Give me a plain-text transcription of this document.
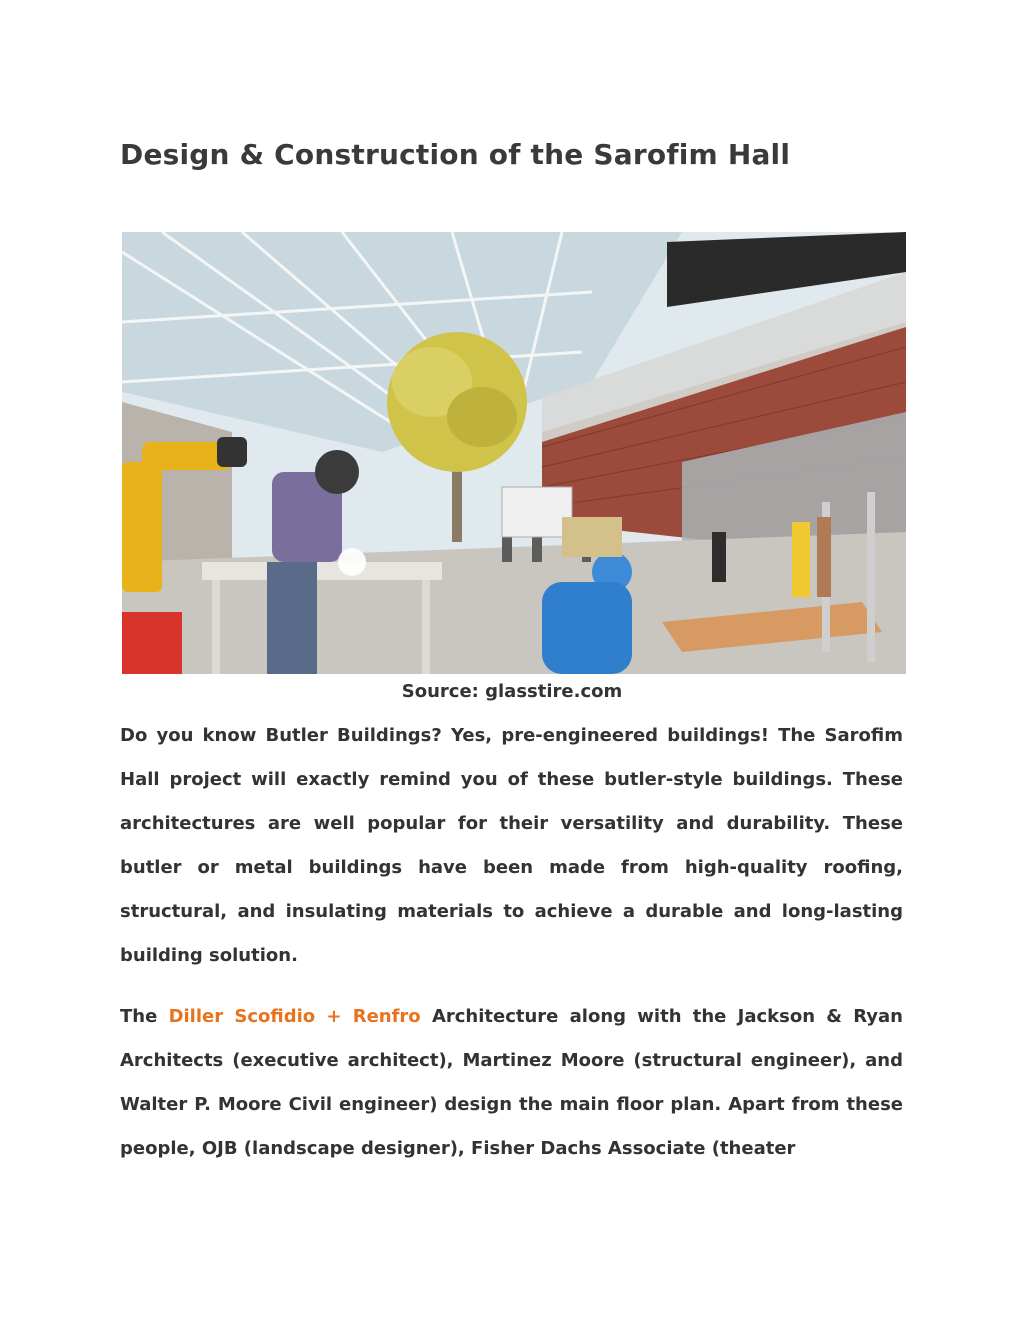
Design & Construction of the Sarofim Hall
Source: glasstire.com

Do you know Butler Buildings? Yes, pre-engineered buildings! The Sarofim Hall project will exactly remind you of these butler-style buildings. These architectures are well popular for their versatility and durability. These butler or metal buildings have been made from high-quality roofing, structural, and insulating materials to achieve a durable and long-lasting building solution.

The Diller Scofidio + Renfro Architecture along with the Jackson & Ryan Architects (executive architect), Martinez Moore (structural engineer), and Walter P. Moore Civil engineer) design the main floor plan. Apart from these people, OJB (landscape designer), Fisher Dachs Associate (theater
